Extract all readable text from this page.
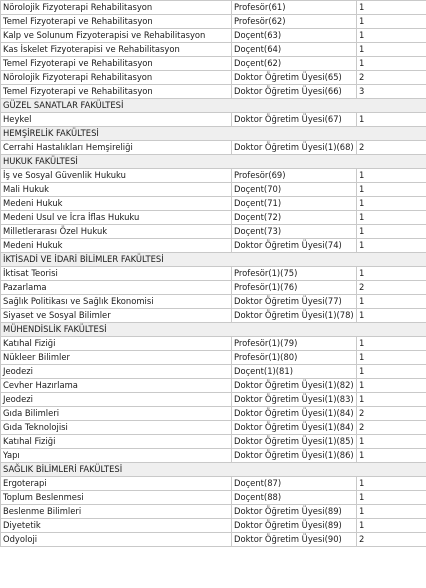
Nörolojik Fizyoterapi Rehabilitasyon	Profesör(61)	1
Temel Fizyoterapi ve Rehabilitasyon	Profesör(62)	1
Kalp ve Solunum Fizyoterapisi ve Rehabilitasyon	Doçent(63)	1
Kas İskelet Fizyoterapisi ve Rehabilitasyon	Doçent(64)	1
Temel Fizyoterapi ve Rehabilitasyon	Doçent(62)	1
Nörolojik Fizyoterapi Rehabilitasyon	Doktor Öğretim Üyesi(65)	2
Temel Fizyoterapi ve Rehabilitasyon	Doktor Öğretim Üyesi(66)	3
GÜZEL SANATLAR FAKÜLTESİ		
Heykel	Doktor Öğretim Üyesi(67)	1
HEMŞİRELİK FAKÜLTESİ		
Cerrahi Hastalıkları Hemşireliği	Doktor Öğretim Üyesi(1)(68)	2
HUKUK FAKÜLTESİ		
İş ve Sosyal Güvenlik Hukuku	Profesör(69)	1
Mali Hukuk	Doçent(70)	1
Medeni Hukuk	Doçent(71)	1
Medeni Usul ve İcra İflas Hukuku	Doçent(72)	1
Milletlerarası Özel Hukuk	Doçent(73)	1
Medeni Hukuk	Doktor Öğretim Üyesi(74)	1
İKTİSADİ VE İDARİ BİLİMLER FAKÜLTESİ		
İktisat Teorisi	Profesör(1)(75)	1
Pazarlama	Profesör(1)(76)	2
Sağlık Politikası ve Sağlık Ekonomisi	Doktor Öğretim Üyesi(77)	1
Siyaset ve Sosyal Bilimler	Doktor Öğretim Üyesi(1)(78)	1
MÜHENDİSLİK FAKÜLTESİ		
Katıhal Fiziği	Profesör(1)(79)	1
Nükleer Bilimler	Profesör(1)(80)	1
Jeodezi	Doçent(1)(81)	1
Cevher Hazırlama	Doktor Öğretim Üyesi(1)(82)	1
Jeodezi	Doktor Öğretim Üyesi(1)(83)	1
Gıda Bilimleri	Doktor Öğretim Üyesi(1)(84)	2
Gıda Teknolojisi	Doktor Öğretim Üyesi(1)(84)	2
Katıhal Fiziği	Doktor Öğretim Üyesi(1)(85)	1
Yapı	Doktor Öğretim Üyesi(1)(86)	1
SAĞLIK BİLİMLERİ FAKÜLTESİ		
Ergoterapi	Doçent(87)	1
Toplum Beslenmesi	Doçent(88)	1
Beslenme Bilimleri	Doktor Öğretim Üyesi(89)	1
Diyetetik	Doktor Öğretim Üyesi(89)	1
Odyoloji	Doktor Öğretim Üyesi(90)	2
